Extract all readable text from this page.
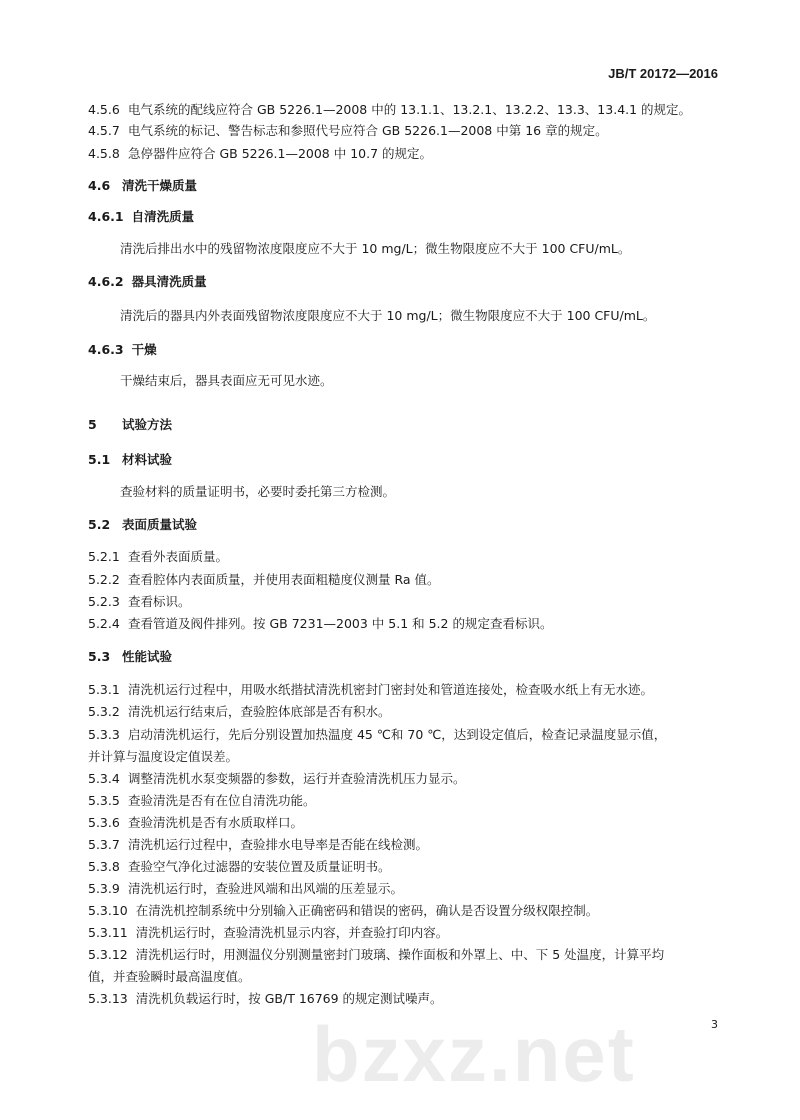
JB/T 20172—2016
4.5.6 电气系统的配线应符合 GB 5226.1—2008 中的 13.1.1、13.2.1、13.2.2、13.3、13.4.1 的规定。
4.5.7 电气系统的标记、警告标志和参照代号应符合 GB 5226.1—2008 中第 16 章的规定。
4.5.8 急停器件应符合 GB 5226.1—2008 中 10.7 的规定。
4.6 清洗干燥质量
4.6.1 自清洗质量
清洗后排出水中的残留物浓度限度应不大于 10 mg/L；微生物限度应不大于 100 CFU/mL。
4.6.2 器具清洗质量
清洗后的器具内外表面残留物浓度限度应不大于 10 mg/L；微生物限度应不大于 100 CFU/mL。
4.6.3 干燥
干燥结束后，器具表面应无可见水迹。
5 试验方法
5.1 材料试验
查验材料的质量证明书，必要时委托第三方检测。
5.2 表面质量试验
5.2.1 查看外表面质量。
5.2.2 查看腔体内表面质量，并使用表面粗糙度仪测量 Ra 值。
5.2.3 查看标识。
5.2.4 查看管道及阀件排列。按 GB 7231—2003 中 5.1 和 5.2 的规定查看标识。
5.3 性能试验
5.3.1 清洗机运行过程中，用吸水纸揩拭清洗机密封门密封处和管道连接处，检查吸水纸上有无水迹。
5.3.2 清洗机运行结束后，查验腔体底部是否有积水。
5.3.3 启动清洗机运行，先后分别设置加热温度 45 ℃和 70 ℃，达到设定值后，检查记录温度显示值，
并计算与温度设定值误差。
5.3.4 调整清洗机水泵变频器的参数，运行并查验清洗机压力显示。
5.3.5 查验清洗是否有在位自清洗功能。
5.3.6 查验清洗机是否有水质取样口。
5.3.7 清洗机运行过程中，查验排水电导率是否能在线检测。
5.3.8 查验空气净化过滤器的安装位置及质量证明书。
5.3.9 清洗机运行时，查验进风端和出风端的压差显示。
5.3.10 在清洗机控制系统中分别输入正确密码和错误的密码，确认是否设置分级权限控制。
5.3.11 清洗机运行时，查验清洗机显示内容，并查验打印内容。
5.3.12 清洗机运行时，用测温仪分别测量密封门玻璃、操作面板和外罩上、中、下 5 处温度，计算平均
值，并查验瞬时最高温度值。
5.3.13 清洗机负载运行时，按 GB/T 16769 的规定测试噪声。
bzxz.net	3
